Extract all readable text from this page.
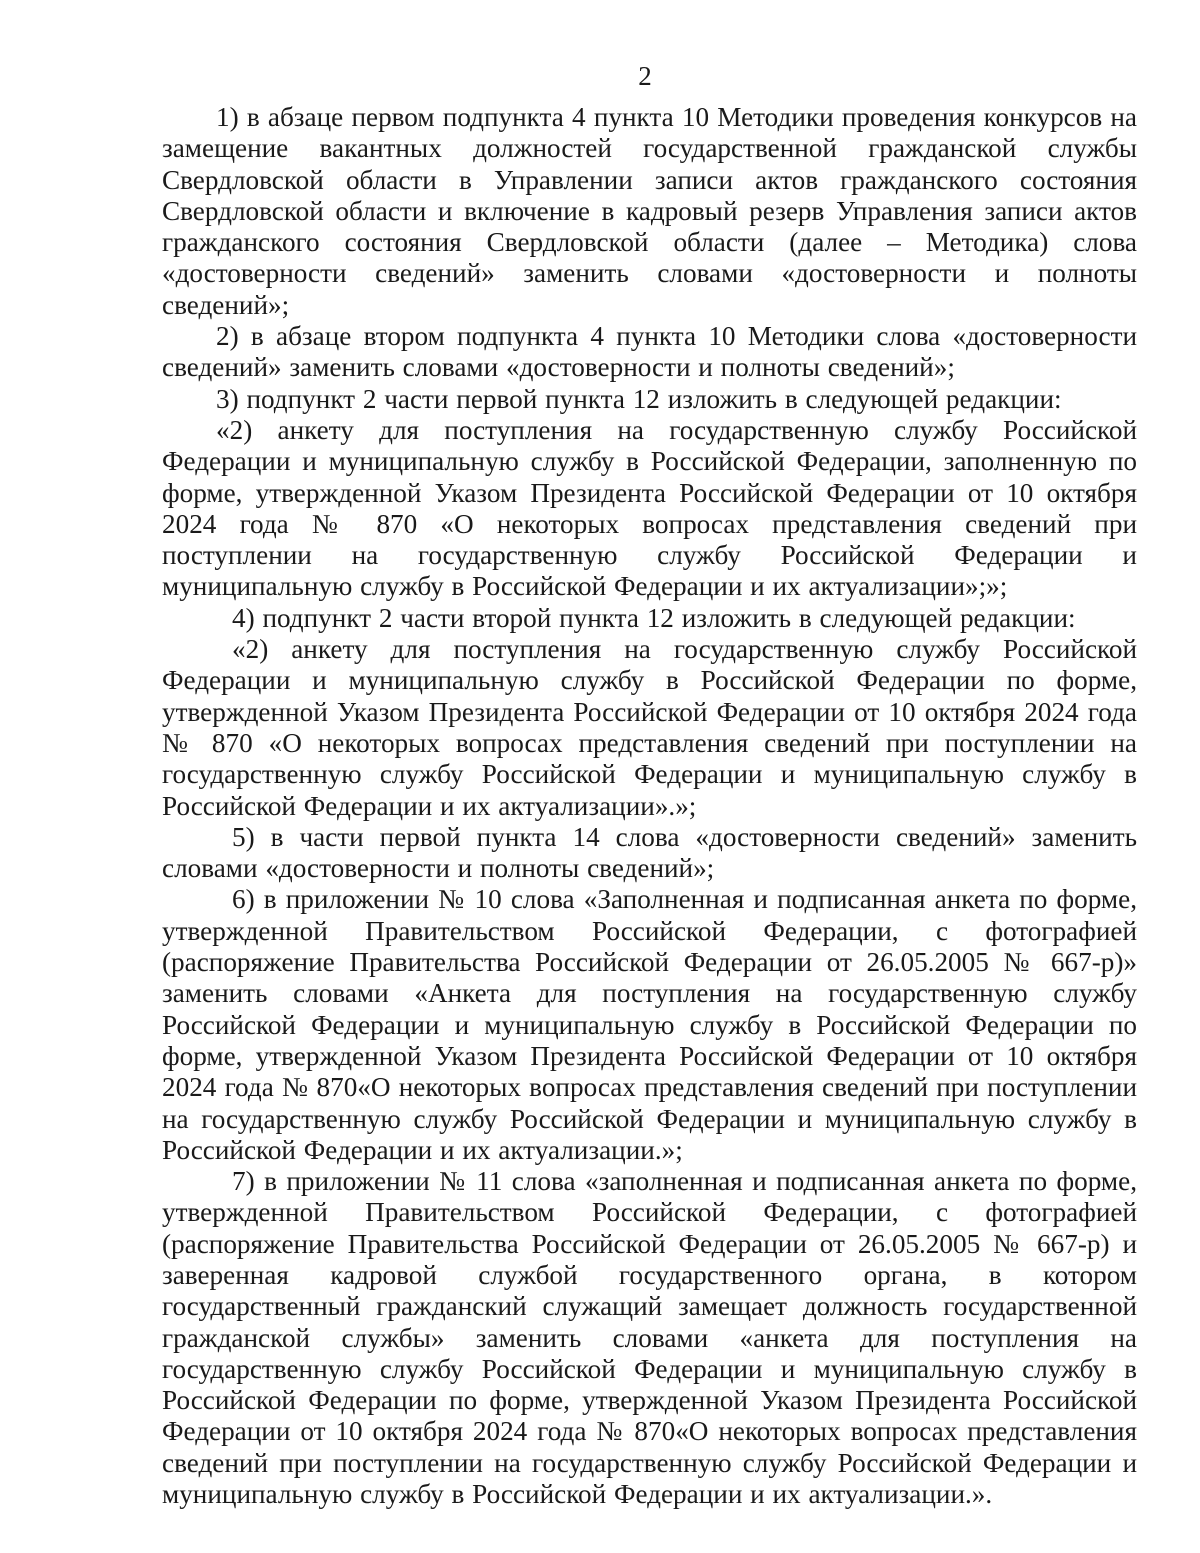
2

1) в абзаце первом подпункта 4 пункта 10 Методики проведения конкурсов на замещение вакантных должностей государственной гражданской службы Свердловской области в Управлении записи актов гражданского состояния Свердловской области и включение в кадровый резерв Управления записи актов гражданского состояния Свердловской области (далее – Методика) слова «достоверности сведений» заменить словами «достоверности и полноты сведений»;

2) в абзаце втором подпункта 4 пункта 10 Методики слова «достоверности сведений» заменить словами «достоверности и полноты сведений»;

3) подпункт 2 части первой пункта 12 изложить в следующей редакции:

«2) анкету для поступления на государственную службу Российской Федерации и муниципальную службу в Российской Федерации, заполненную по форме, утвержденной Указом Президента Российской Федерации от 10 октября 2024 года № 870 «О некоторых вопросах представления сведений при поступлении на государственную службу Российской Федерации и муниципальную службу в Российской Федерации и их актуализации»;»;

4) подпункт 2 части второй пункта 12 изложить в следующей редакции:

«2) анкету для поступления на государственную службу Российской Федерации и муниципальную службу в Российской Федерации по форме, утвержденной Указом Президента Российской Федерации от 10 октября 2024 года № 870 «О некоторых вопросах представления сведений при поступлении на государственную службу Российской Федерации и муниципальную службу в Российской Федерации и их актуализации».»;

5) в части первой пункта 14 слова «достоверности сведений» заменить словами «достоверности и полноты сведений»;

6) в приложении № 10 слова «Заполненная и подписанная анкета по форме, утвержденной Правительством Российской Федерации, с фотографией (распоряжение Правительства Российской Федерации от 26.05.2005 № 667-р)» заменить словами «Анкета для поступления на государственную службу Российской Федерации и муниципальную службу в Российской Федерации по форме, утвержденной Указом Президента Российской Федерации от 10 октября 2024 года № 870«О некоторых вопросах представления сведений при поступлении на государственную службу Российской Федерации и муниципальную службу в Российской Федерации и их актуализации.»;

7) в приложении № 11 слова «заполненная и подписанная анкета по форме, утвержденной Правительством Российской Федерации, с фотографией (распоряжение Правительства Российской Федерации от 26.05.2005 № 667-р) и заверенная кадровой службой государственного органа, в котором государственный гражданский служащий замещает должность государственной гражданской службы» заменить словами «анкета для поступления на государственную службу Российской Федерации и муниципальную службу в Российской Федерации по форме, утвержденной Указом Президента Российской Федерации от 10 октября 2024 года № 870«О некоторых вопросах представления сведений при поступлении на государственную службу Российской Федерации и муниципальную службу в Российской Федерации и их актуализации.».
